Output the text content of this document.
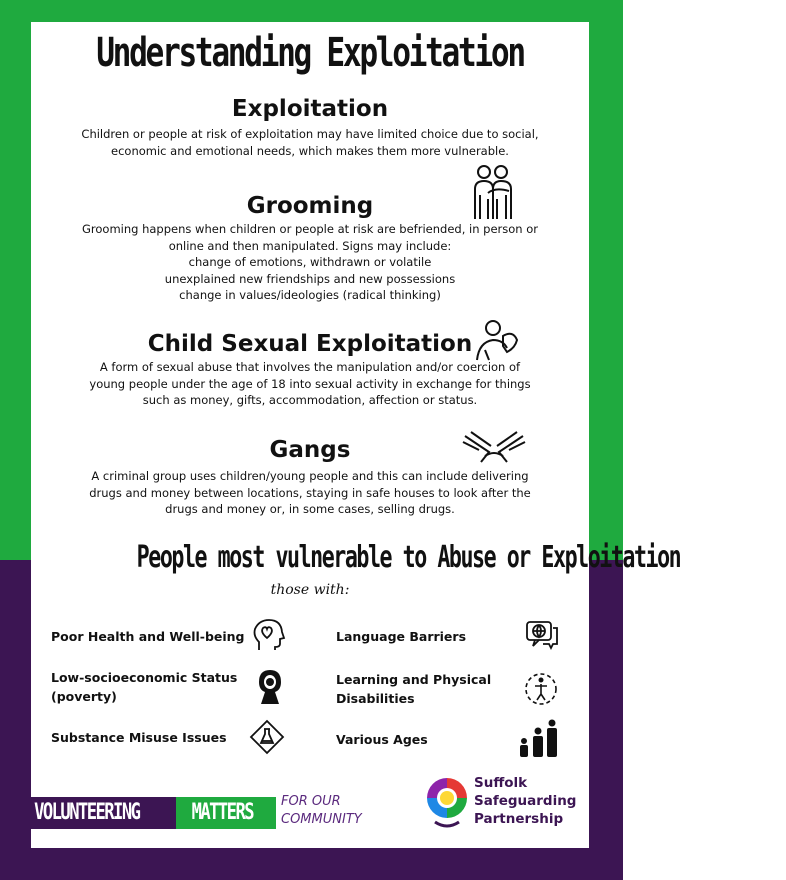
Understanding Exploitation
Exploitation
Children or people at risk of exploitation may have limited choice due to social,
economic and emotional needs, which makes them more vulnerable.
Grooming
Grooming happens when children or people at risk are befriended, in person or
online and then manipulated. Signs may include:
change of emotions, withdrawn or volatile
unexplained new friendships and new possessions
change in values/ideologies (radical thinking)
Child Sexual Exploitation
A form of sexual abuse that involves the manipulation and/or coercion of
young people under the age of 18 into sexual activity in exchange for things
such as money, gifts, accommodation, affection or status.
Gangs
A criminal group uses children/young people and this can include delivering
drugs and money between locations, staying in safe houses to look after the
drugs and money or, in some cases, selling drugs.
People most vulnerable to Abuse or Exploitation
those with:
Poor Health and Well-being
Low-socioeconomic Status
(poverty)
Substance Misuse Issues
Language Barriers
Learning and Physical
Disabilities
Various Ages
VOLUNTEERING	MATTERS	FOR OUR
COMMUNITY
Suffolk
Safeguarding
Partnership
